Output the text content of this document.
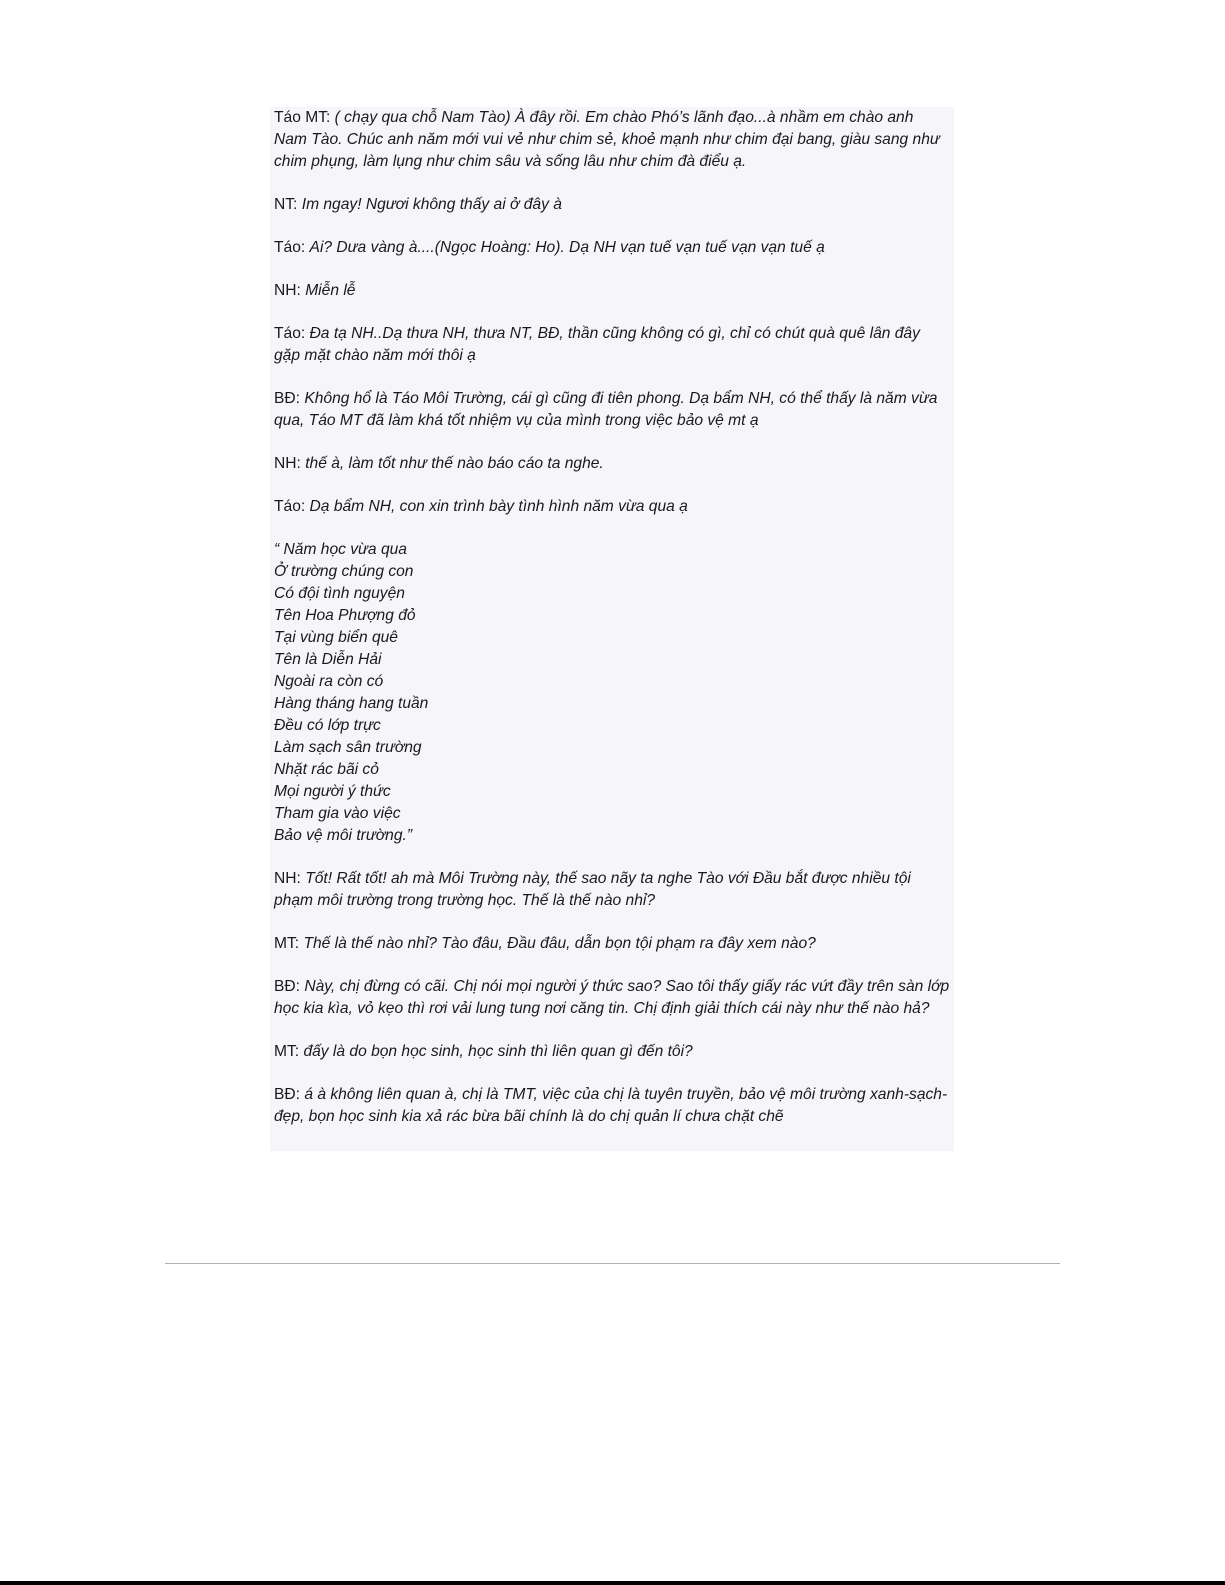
Táo MT: ( chạy qua chỗ Nam Tào) À đây rồi. Em chào Phó’s lãnh đạo...à nhầm em chào anh Nam Tào. Chúc anh năm mới vui vẻ như chim sẻ, khoẻ mạnh như chim đại bang, giàu sang như chim phụng, làm lụng như chim sâu và sống lâu như chim đà điểu ạ.

NT: Im ngay! Ngươi không thấy ai ở đây à

Táo: Ai? Dưa vàng à....(Ngọc Hoàng: Ho). Dạ NH vạn tuế vạn tuế vạn vạn tuế ạ

NH: Miễn lễ

Táo: Đa tạ NH..Dạ thưa NH, thưa NT, BĐ, thần cũng không có gì, chỉ có chút quà quê lân đây gặp mặt chào năm mới thôi ạ

BĐ: Không hổ là Táo Môi Trường, cái gì cũng đi tiên phong. Dạ bẩm NH, có thể thấy là năm vừa qua, Táo MT đã làm khá tốt nhiệm vụ của mình trong việc bảo vệ mt ạ

NH: thế à, làm tốt như thế nào báo cáo ta nghe.

Táo: Dạ bẩm NH, con xin trình bày tình hình năm vừa qua ạ

“ Năm học vừa qua
Ở trường chúng con
Có đội tình nguyện
Tên Hoa Phượng đỏ
Tại vùng biển quê
Tên là Diễn Hải
Ngoài ra còn có
Hàng tháng hang tuần
Đều có lớp trực
Làm sạch sân trường
Nhặt rác bãi cỏ
Mọi người ý thức
Tham gia vào việc
Bảo vệ môi trường.”

NH: Tốt! Rất tốt! ah mà Môi Trường này, thế sao nãy ta nghe Tào với Đầu bắt được nhiều tội phạm môi trường trong trường học. Thế là thế nào nhỉ?

MT: Thế là thế nào nhỉ? Tào đâu, Đầu đâu, dẫn bọn tội phạm ra đây xem nào?

BĐ: Này, chị đừng có cãi. Chị nói mọi người ý thức sao? Sao tôi thấy giấy rác vứt đầy trên sàn lớp học kia kìa, vỏ kẹo thì rơi vải lung tung nơi căng tin. Chị định giải thích cái này như thế nào hả?

MT: đấy là do bọn học sinh, học sinh thì liên quan gì đến tôi?

BĐ: á à không liên quan à, chị là TMT, việc của chị là tuyên truyền, bảo vệ môi trường xanh-sạch-đẹp, bọn học sinh kia xả rác bừa bãi chính là do chị quản lí chưa chặt chẽ
